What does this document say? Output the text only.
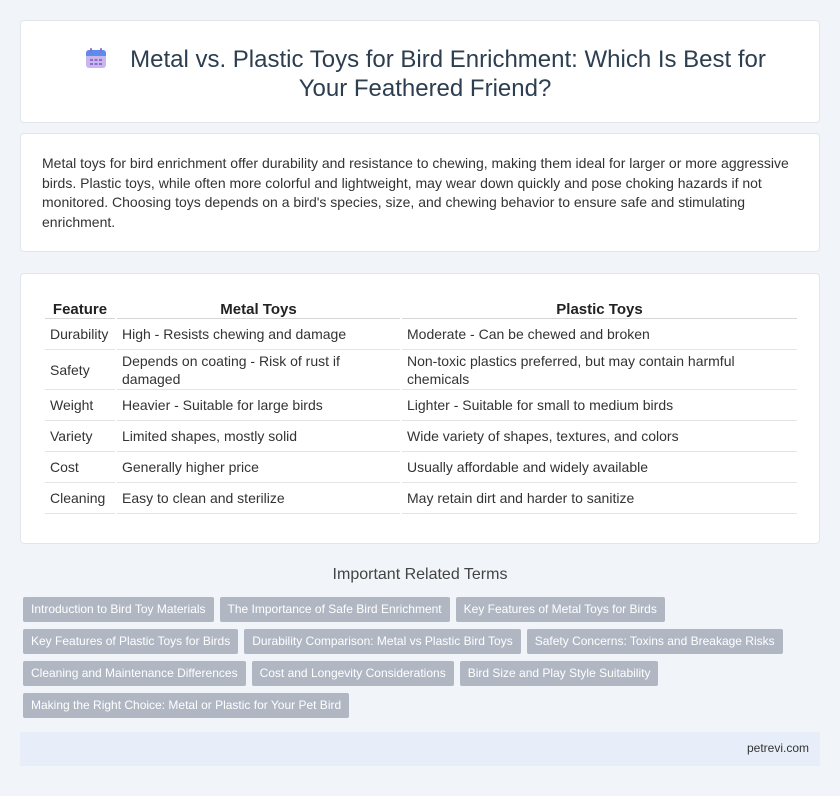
Metal vs. Plastic Toys for Bird Enrichment: Which Is Best for Your Feathered Friend?

Metal toys for bird enrichment offer durability and resistance to chewing, making them ideal for larger or more aggressive birds. Plastic toys, while often more colorful and lightweight, may wear down quickly and pose choking hazards if not monitored. Choosing toys depends on a bird's species, size, and chewing behavior to ensure safe and stimulating enrichment.

Feature	Metal Toys	Plastic Toys
Durability	High - Resists chewing and damage	Moderate - Can be chewed and broken
Safety	Depends on coating - Risk of rust if damaged	Non-toxic plastics preferred, but may contain harmful chemicals
Weight	Heavier - Suitable for large birds	Lighter - Suitable for small to medium birds
Variety	Limited shapes, mostly solid	Wide variety of shapes, textures, and colors
Cost	Generally higher price	Usually affordable and widely available
Cleaning	Easy to clean and sterilize	May retain dirt and harder to sanitize
Important Related Terms
Introduction to Bird Toy Materials	The Importance of Safe Bird Enrichment	Key Features of Metal Toys for Birds
Key Features of Plastic Toys for Birds	Durability Comparison: Metal vs Plastic Bird Toys	Safety Concerns: Toxins and Breakage Risks
Cleaning and Maintenance Differences	Cost and Longevity Considerations	Bird Size and Play Style Suitability
Making the Right Choice: Metal or Plastic for Your Pet Bird
petrevi.com
